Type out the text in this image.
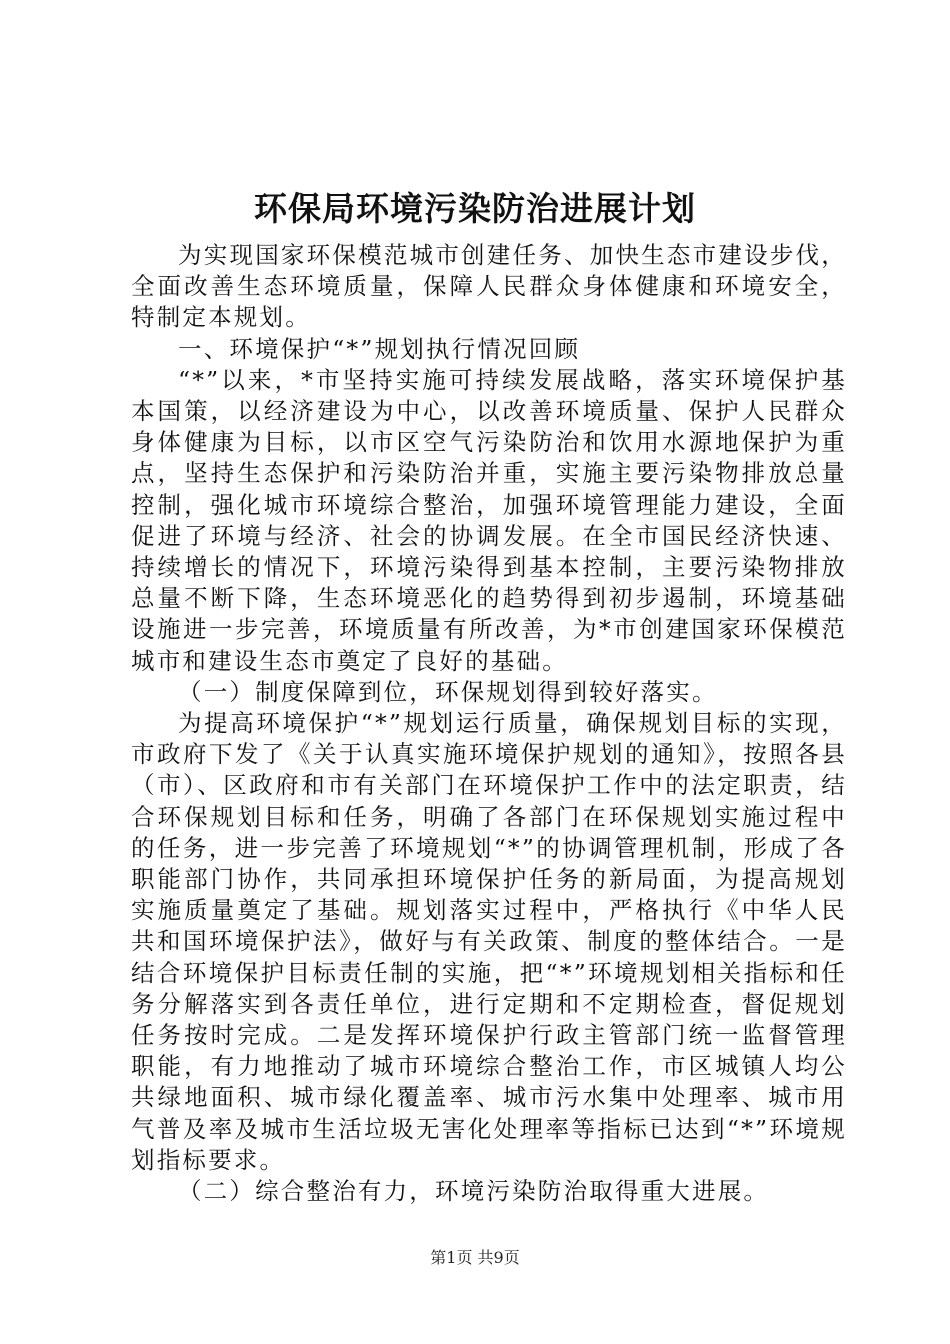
环保局环境污染防治进展计划

为实现国家环保模范城市创建任务、加快生态市建设步伐，全面改善生态环境质量，保障人民群众身体健康和环境安全，特制定本规划。

一、环境保护“*”规划执行情况回顾

“*”以来，*市坚持实施可持续发展战略，落实环境保护基本国策，以经济建设为中心，以改善环境质量、保护人民群众身体健康为目标，以市区空气污染防治和饮用水源地保护为重点，坚持生态保护和污染防治并重，实施主要污染物排放总量控制，强化城市环境综合整治，加强环境管理能力建设，全面促进了环境与经济、社会的协调发展。在全市国民经济快速、持续增长的情况下，环境污染得到基本控制，主要污染物排放总量不断下降，生态环境恶化的趋势得到初步遏制，环境基础设施进一步完善，环境质量有所改善，为*市创建国家环保模范城市和建设生态市奠定了良好的基础。

（一）制度保障到位，环保规划得到较好落实。

为提高环境保护“*”规划运行质量，确保规划目标的实现，市政府下发了《关于认真实施环境保护规划的通知》，按照各县（市）、区政府和市有关部门在环境保护工作中的法定职责，结合环保规划目标和任务，明确了各部门在环保规划实施过程中的任务，进一步完善了环境规划“*”的协调管理机制，形成了各职能部门协作，共同承担环境保护任务的新局面，为提高规划实施质量奠定了基础。规划落实过程中，严格执行《中华人民共和国环境保护法》，做好与有关政策、制度的整体结合。一是结合环境保护目标责任制的实施，把“*”环境规划相关指标和任务分解落实到各责任单位，进行定期和不定期检查，督促规划任务按时完成。二是发挥环境保护行政主管部门统一监督管理职能，有力地推动了城市环境综合整治工作，市区城镇人均公共绿地面积、城市绿化覆盖率、城市污水集中处理率、城市用气普及率及城市生活垃圾无害化处理率等指标已达到“*”环境规划指标要求。

（二）综合整治有力，环境污染防治取得重大进展。

第1页 共9页
